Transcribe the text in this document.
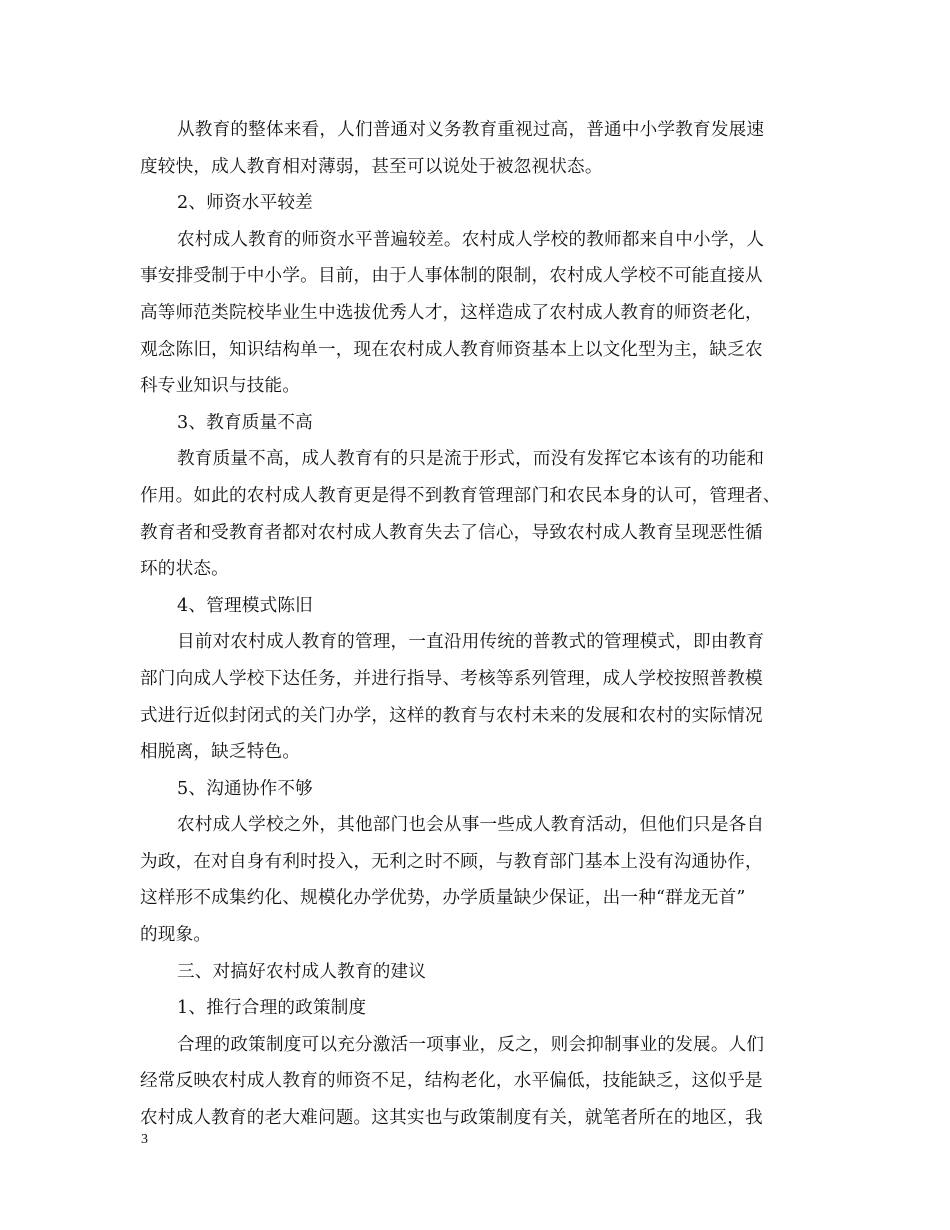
从教育的整体来看，人们普通对义务教育重视过高，普通中小学教育发展速
度较快，成人教育相对薄弱，甚至可以说处于被忽视状态。
2、师资水平较差
农村成人教育的师资水平普遍较差。农村成人学校的教师都来自中小学，人
事安排受制于中小学。目前，由于人事体制的限制，农村成人学校不可能直接从
高等师范类院校毕业生中选拔优秀人才，这样造成了农村成人教育的师资老化，
观念陈旧，知识结构单一，现在农村成人教育师资基本上以文化型为主，缺乏农
科专业知识与技能。
3、教育质量不高
教育质量不高，成人教育有的只是流于形式，而没有发挥它本该有的功能和
作用。如此的农村成人教育更是得不到教育管理部门和农民本身的认可，管理者、
教育者和受教育者都对农村成人教育失去了信心，导致农村成人教育呈现恶性循
环的状态。
4、管理模式陈旧
目前对农村成人教育的管理，一直沿用传统的普教式的管理模式，即由教育
部门向成人学校下达任务，并进行指导、考核等系列管理，成人学校按照普教模
式进行近似封闭式的关门办学，这样的教育与农村未来的发展和农村的实际情况
相脱离，缺乏特色。
5、沟通协作不够
农村成人学校之外，其他部门也会从事一些成人教育活动，但他们只是各自
为政，在对自身有利时投入，无利之时不顾，与教育部门基本上没有沟通协作，
这样形不成集约化、规模化办学优势，办学质量缺少保证，出一种“群龙无首”
的现象。
三、对搞好农村成人教育的建议
1、推行合理的政策制度
合理的政策制度可以充分激活一项事业，反之，则会抑制事业的发展。人们
经常反映农村成人教育的师资不足，结构老化，水平偏低，技能缺乏，这似乎是
农村成人教育的老大难问题。这其实也与政策制度有关，就笔者所在的地区，我
3
